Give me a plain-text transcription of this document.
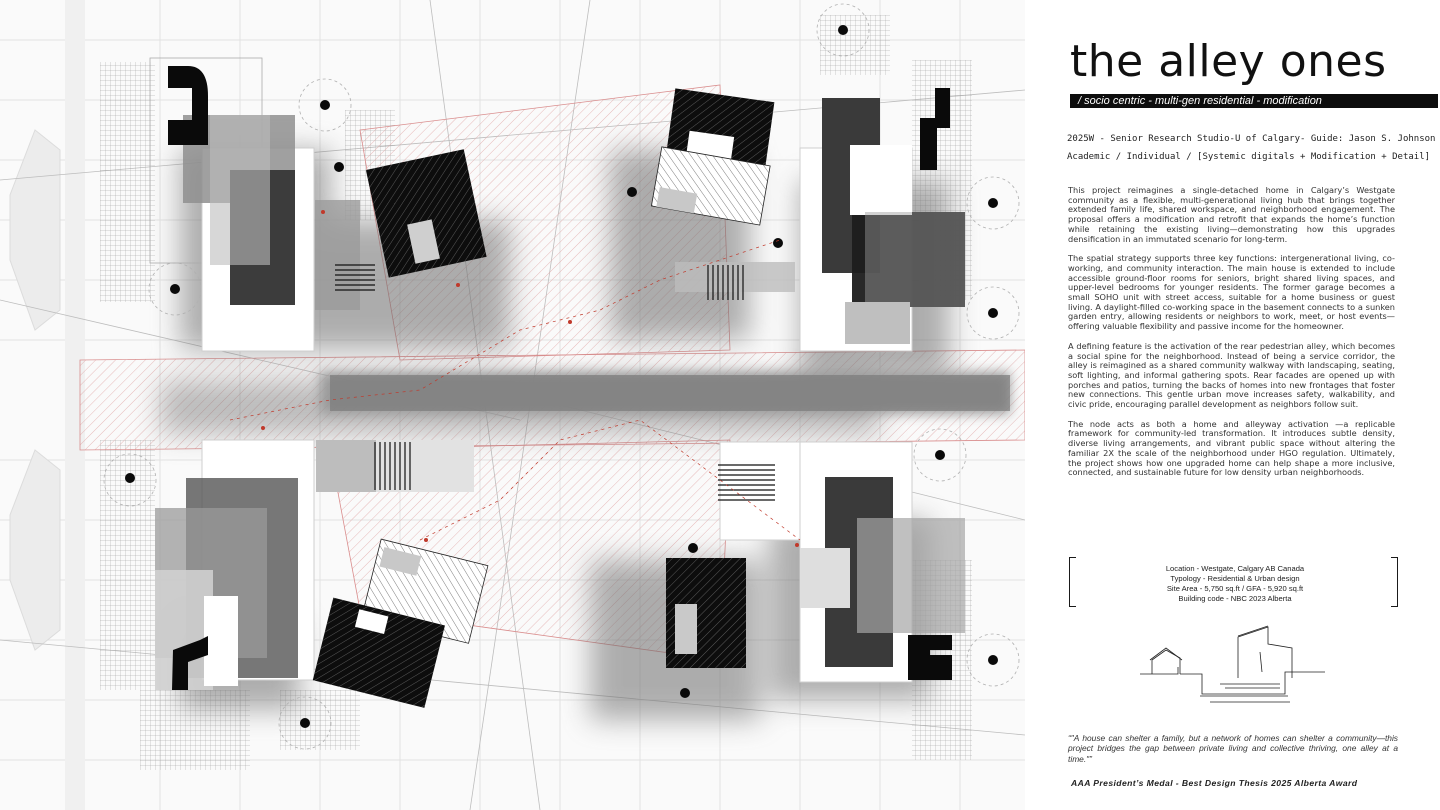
the alley ones
/ socio centric - multi-gen residential - modification
2025W - Senior Research Studio-U of Calgary- Guide: Jason S. Johnson
Academic / Individual / [Systemic digitals + Modification + Detail]

This project reimagines a single-detached home in Calgary’s Westgate community as a flexible, multi-generational living hub that brings together extended family life, shared workspace, and neighborhood engagement. The proposal offers a modification and retrofit that expands the home’s function while retaining the existing living—demonstrating how this upgrades densification in an immutated scenario for long-term.

The spatial strategy supports three key functions: intergenerational living, co-working, and community interaction. The main house is extended to include accessible ground-floor rooms for seniors, bright shared living spaces, and upper-level bedrooms for younger residents. The former garage becomes a small SOHO unit with street access, suitable for a home business or guest living. A daylight-filled co-working space in the basement connects to a sunken garden entry, allowing residents or neighbors to work, meet, or host events—offering valuable flexibility and passive income for the homeowner.

A defining feature is the activation of the rear pedestrian alley, which becomes a social spine for the neighborhood. Instead of being a service corridor, the alley is reimagined as a shared community walkway with landscaping, seating, soft lighting, and informal gathering spots. Rear facades are opened up with porches and patios, turning the backs of homes into new frontages that foster new connections. This gentle urban move increases safety, walkability, and civic pride, encouraging parallel development as neighbors follow suit.

The node acts as both a home and alleyway activation —a replicable framework for community-led transformation. It introduces subtle density, diverse living arrangements, and vibrant public space without altering the familiar 2X the scale of the neighborhood under HGO regulation. Ultimately, the project shows how one upgraded home can help shape a more inclusive, connected, and sustainable future for low density urban neighborhoods.

Location - Westgate, Calgary AB Canada
Typology - Residential & Urban design
Site Area - 5,750 sq.ft / GFA - 5,920 sq.ft
Building code - NBC 2023 Alberta
“"A house can shelter a family, but a network of homes can shelter a community—this project bridges the gap between private living and collective thriving, one alley at a time."”
AAA President’s Medal - Best Design Thesis 2025 Alberta Award
